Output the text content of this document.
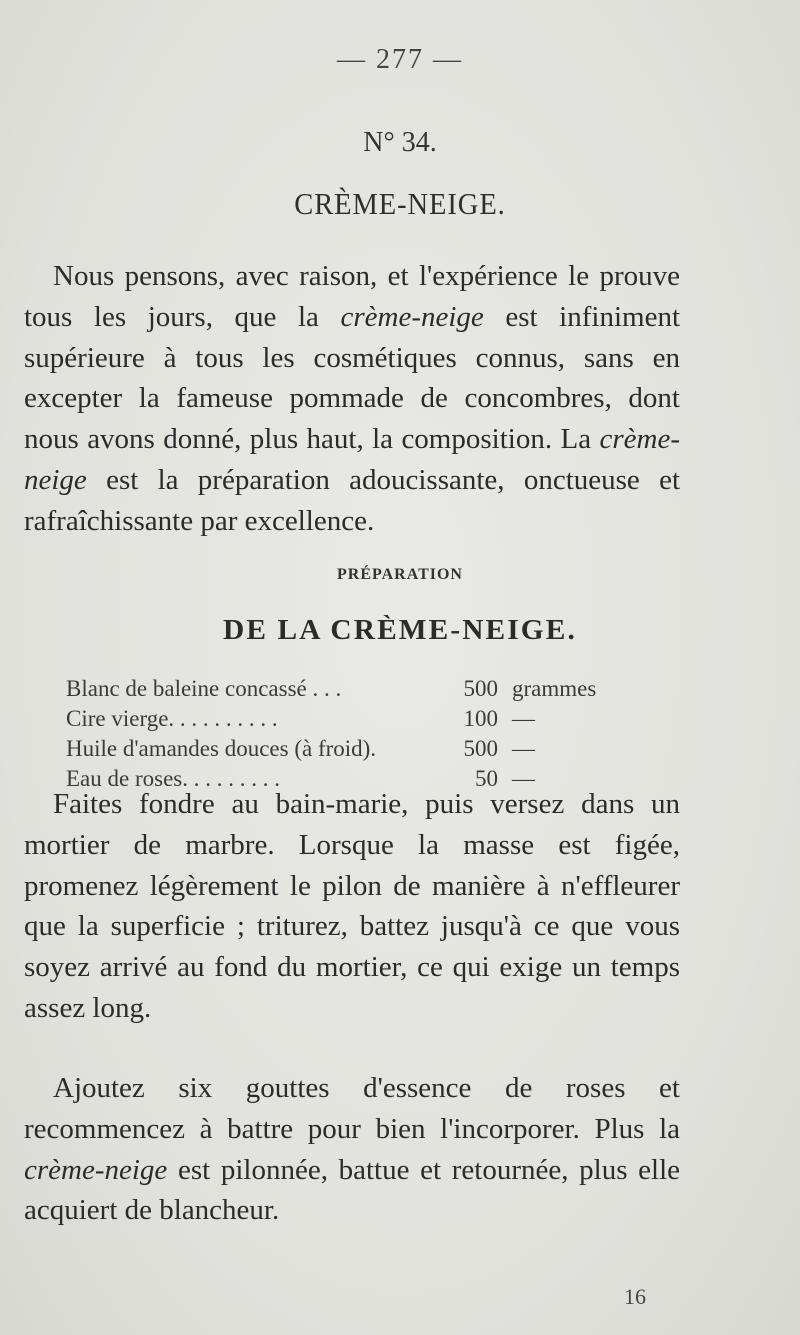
— 277 —
N° 34.
CRÈME-NEIGE.
Nous pensons, avec raison, et l'expérience le prouve tous les jours, que la crème-neige est infiniment supérieure à tous les cosmétiques connus, sans en excepter la fameuse pommade de concombres, dont nous avons donné, plus haut, la composition. La crème-neige est la préparation adoucissante, onctueuse et rafraîchissante par excellence.
PRÉPARATION
DE LA CRÈME-NEIGE.
Blanc de baleine concassé . . .	500 grammes
Cire vierge. . . . . . . . . .	100 —
Huile d'amandes douces (à froid).	500 —
Eau de roses. . . . . . . . .	50 —
Faites fondre au bain-marie, puis versez dans un mortier de marbre. Lorsque la masse est figée, promenez légèrement le pilon de manière à n'effleurer que la superficie ; triturez, battez jusqu'à ce que vous soyez arrivé au fond du mortier, ce qui exige un temps assez long.
Ajoutez six gouttes d'essence de roses et recommencez à battre pour bien l'incorporer. Plus la crème-neige est pilonnée, battue et retournée, plus elle acquiert de blancheur.
16
